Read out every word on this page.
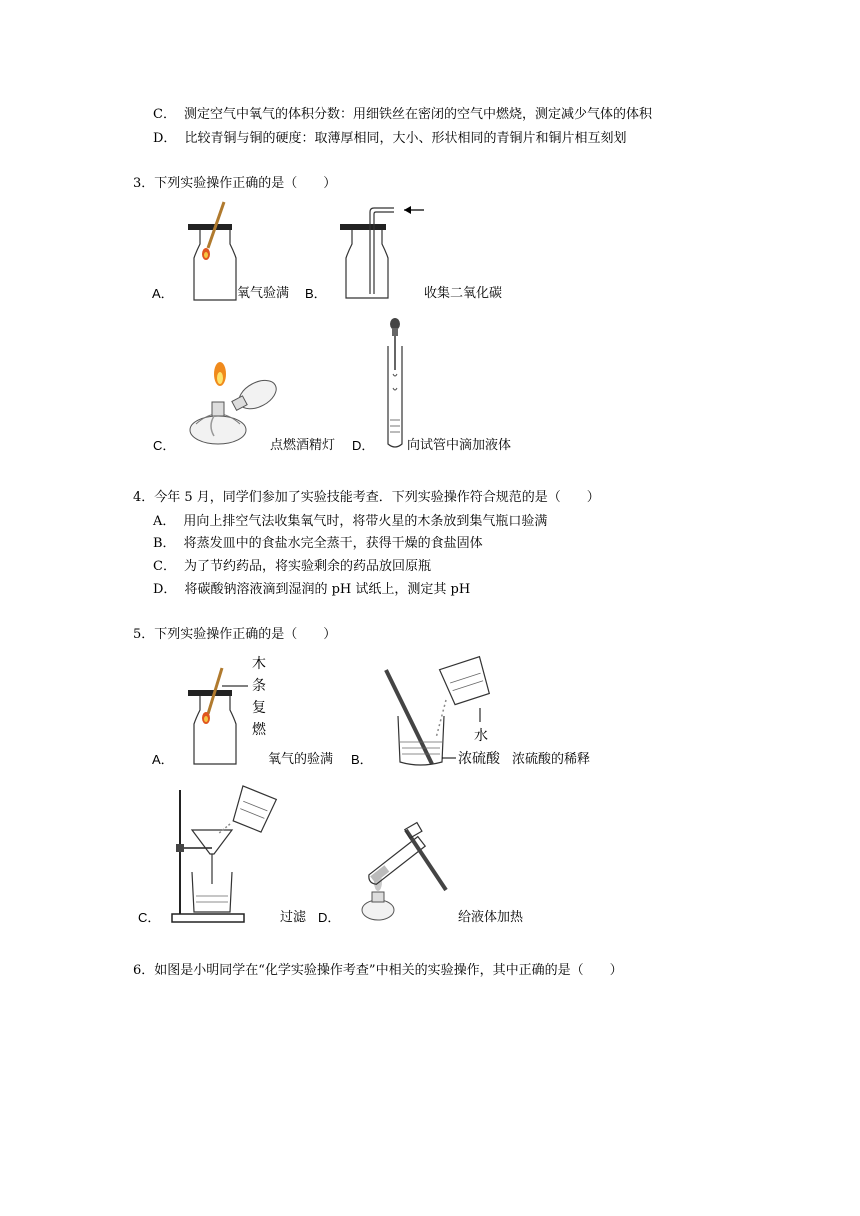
C． 测定空气中氧气的体积分数：用细铁丝在密闭的空气中燃烧，测定减少气体的体积
D． 比较青铜与铜的硬度：取薄厚相同，大小、形状相同的青铜片和铜片相互刻划
3．下列实验操作正确的是（　　）
A．	氧气验满 B．	收集二氧化碳
C．	点燃酒精灯 D．	向试管中滴加液体
4．今年 5 月，同学们参加了实验技能考查．下列实验操作符合规范的是（　　）
A． 用向上排空气法收集氧气时，将带火星的木条放到集气瓶口验满
B． 将蒸发皿中的食盐水完全蒸干，获得干燥的食盐固体
C． 为了节约药品，将实验剩余的药品放回原瓶
D． 将碳酸钠溶液滴到湿润的 pH 试纸上，测定其 pH
5．下列实验操作正确的是（　　）
木
条
复
燃
A．	氧气的验满
水
浓硫酸
B．	浓硫酸的稀释
C．	过滤 D．	给液体加热
6．如图是小明同学在“化学实验操作考查”中相关的实验操作，其中正确的是（　　）
